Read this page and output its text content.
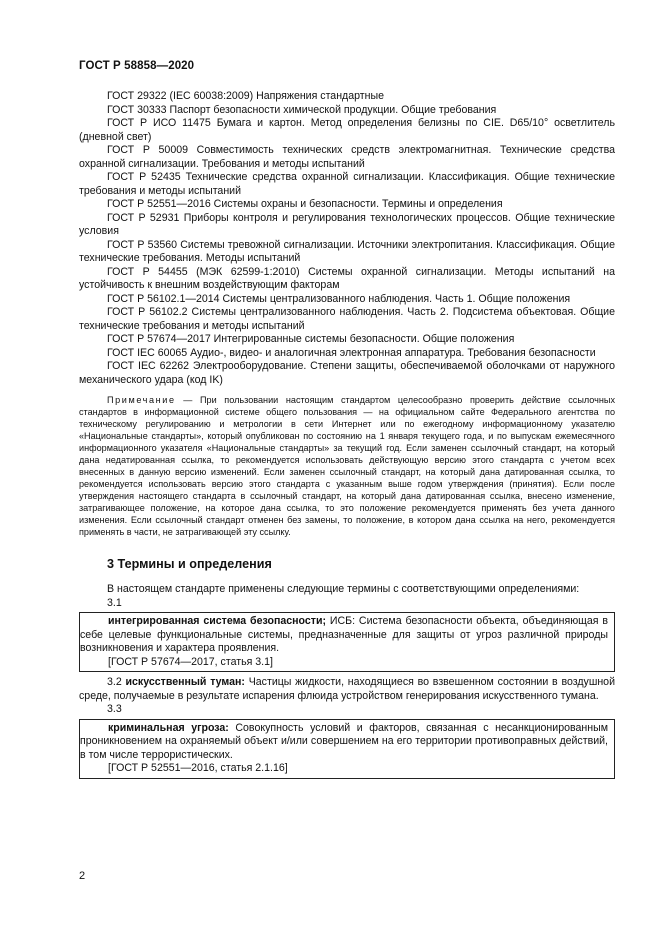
ГОСТ Р 58858—2020

ГОСТ 29322 (IEC 60038:2009) Напряжения стандартные

ГОСТ 30333 Паспорт безопасности химической продукции. Общие требования

ГОСТ Р ИСО 11475 Бумага и картон. Метод определения белизны по CIE. D65/10° осветлитель (дневной свет)

ГОСТ Р 50009 Совместимость технических средств электромагнитная. Технические средства охранной сигнализации. Требования и методы испытаний

ГОСТ Р 52435 Технические средства охранной сигнализации. Классификация. Общие технические требования и методы испытаний

ГОСТ Р 52551—2016 Системы охраны и безопасности. Термины и определения

ГОСТ Р 52931 Приборы контроля и регулирования технологических процессов. Общие технические условия

ГОСТ Р 53560 Системы тревожной сигнализации. Источники электропитания. Классификация. Общие технические требования. Методы испытаний

ГОСТ Р 54455 (МЭК 62599-1:2010) Системы охранной сигнализации. Методы испытаний на устойчивость к внешним воздействующим факторам

ГОСТ Р 56102.1—2014 Системы централизованного наблюдения. Часть 1. Общие положения

ГОСТ Р 56102.2 Системы централизованного наблюдения. Часть 2. Подсистема объектовая. Общие технические требования и методы испытаний

ГОСТ Р 57674—2017 Интегрированные системы безопасности. Общие положения

ГОСТ IEC 60065 Аудио-, видео- и аналогичная электронная аппаратура. Требования безопасности

ГОСТ IEC 62262 Электрооборудование. Степени защиты, обеспечиваемой оболочками от наружного механического удара (код IK)

Примечание — При пользовании настоящим стандартом целесообразно проверить действие ссылочных стандартов в информационной системе общего пользования — на официальном сайте Федерального агентства по техническому регулированию и метрологии в сети Интернет или по ежегодному информационному указателю «Национальные стандарты», который опубликован по состоянию на 1 января текущего года, и по выпускам ежемесячного информационного указателя «Национальные стандарты» за текущий год. Если заменен ссылочный стандарт, на который дана недатированная ссылка, то рекомендуется использовать действующую версию этого стандарта с учетом всех внесенных в данную версию изменений. Если заменен ссылочный стандарт, на который дана датированная ссылка, то рекомендуется использовать версию этого стандарта с указанным выше годом утверждения (принятия). Если после утверждения настоящего стандарта в ссылочный стандарт, на который дана датированная ссылка, внесено изменение, затрагивающее положение, на которое дана ссылка, то это положение рекомендуется применять без учета данного изменения. Если ссылочный стандарт отменен без замены, то положение, в котором дана ссылка на него, рекомендуется применять в части, не затрагивающей эту ссылку.
3 Термины и определения

В настоящем стандарте применены следующие термины с соответствующими определениями:

3.1

интегрированная система безопасности; ИСБ: Система безопасности объекта, объединяющая в себе целевые функциональные системы, предназначенные для защиты от угроз различной природы возникновения и характера проявления.

[ГОСТ Р 57674—2017, статья 3.1]

3.2 искусственный туман: Частицы жидкости, находящиеся во взвешенном состоянии в воздушной среде, получаемые в результате испарения флюида устройством генерирования искусственного тумана.

3.3

криминальная угроза: Совокупность условий и факторов, связанная с несанкционированным проникновением на охраняемый объект и/или совершением на его территории противоправных действий, в том числе террористических.

[ГОСТ Р 52551—2016, статья 2.1.16]

2
